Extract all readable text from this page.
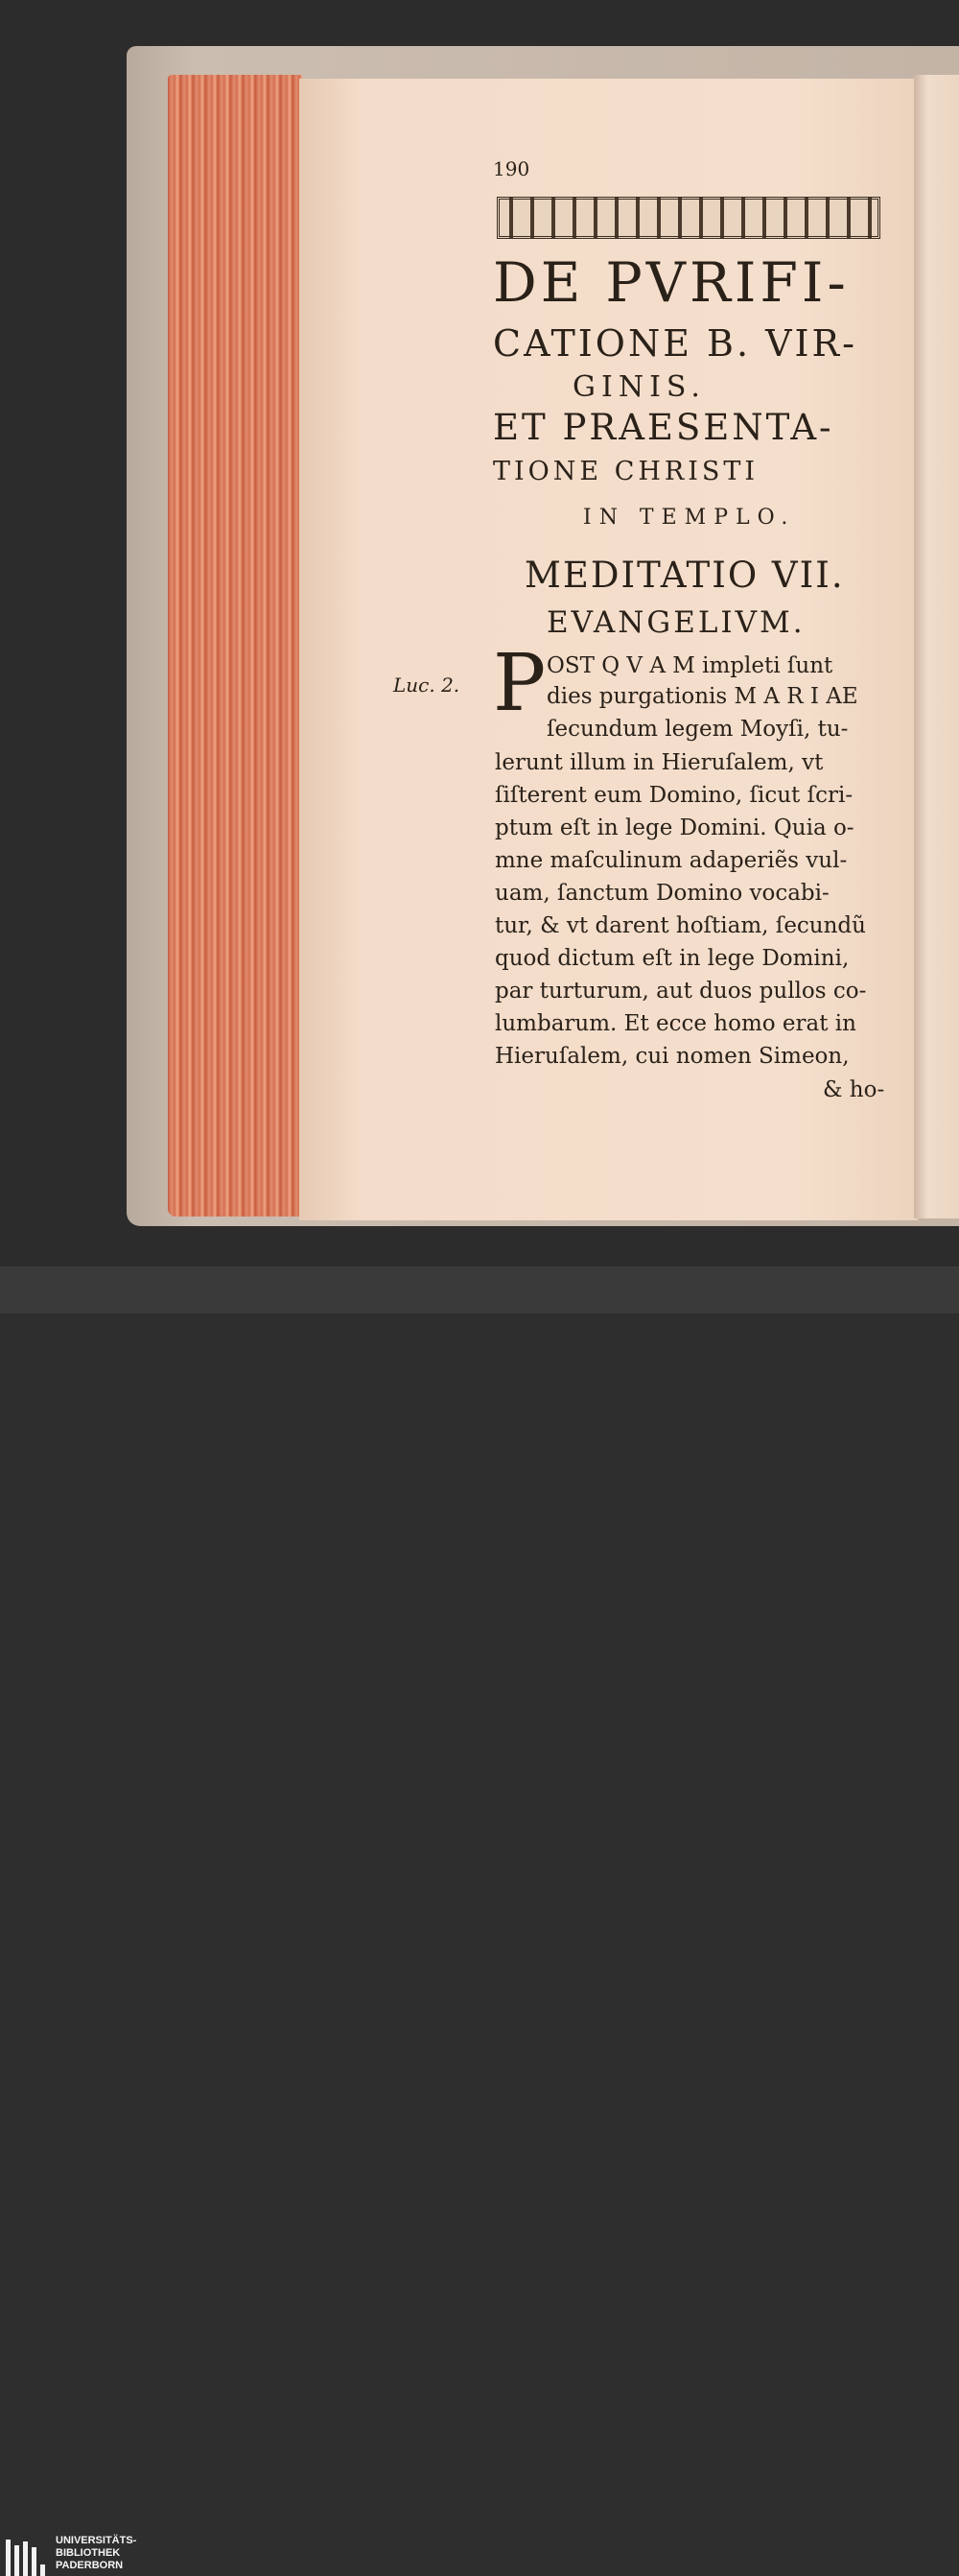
190
DE PVRIFI-
CATIONE B. VIR-
GINIS.
ET PRAESENTA-
TIONE CHRISTI
IN TEMPLO.
MEDITATIO VII.
EVANGELIVM.
Luc. 2. P OST Q V A M impleti ſunt
dies purgationis M A R I AE
ſecundum legem Moyſi, tu-
lerunt illum in Hieruſalem, vt
ſiſterent eum Domino, ſicut ſcri-
ptum eſt in lege Domini. Quia o-
mne maſculinum adaperiẽs vul-
uam, ſanctum Domino vocabi-
tur, & vt darent hoſtiam, ſecundũ
quod dictum eſt in lege Domini,
par turturum, aut duos pullos co-
lumbarum. Et ecce homo erat in
Hieruſalem, cui nomen Simeon,
& ho-
UNIVERSITÄTS-
BIBLIOTHEK
PADERBORN
